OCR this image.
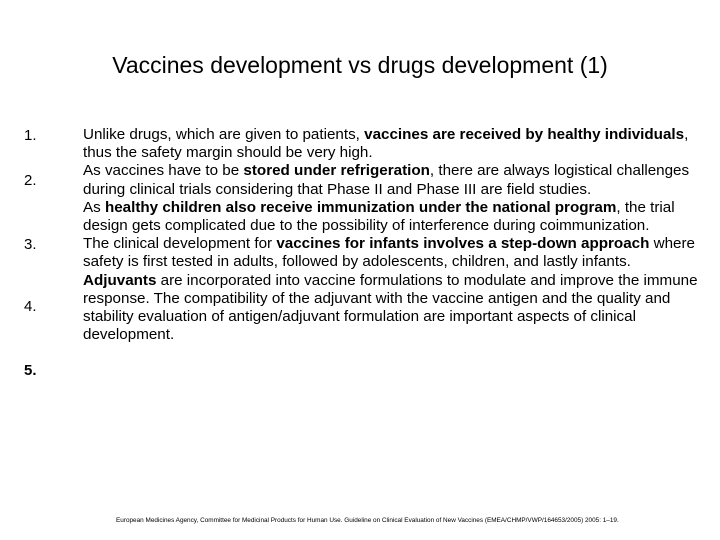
Vaccines development vs drugs development (1)
1.
2.
3.
4.
5.

Unlike drugs, which are given to patients, vaccines are received by healthy individuals, thus the safety margin should be very high.

As vaccines have to be stored under refrigeration, there are always logistical challenges during clinical trials considering that Phase II and Phase III are field studies.

As healthy children also receive immunization under the national program, the trial design gets complicated due to the possibility of interference during coimmunization.

The clinical development for vaccines for infants involves a step-down approach where safety is first tested in adults, followed by adolescents, children, and lastly infants.

Adjuvants are incorporated into vaccine formulations to modulate and improve the immune response. The compatibility of the adjuvant with the vaccine antigen and the quality and stability evaluation of antigen/adjuvant formulation are important aspects of clinical development.

European Medicines Agency, Committee for Medicinal Products for Human Use. Guideline on Clinical Evaluation of New Vaccines (EMEA/CHMP/VWP/164653/2005) 2005: 1–19.
